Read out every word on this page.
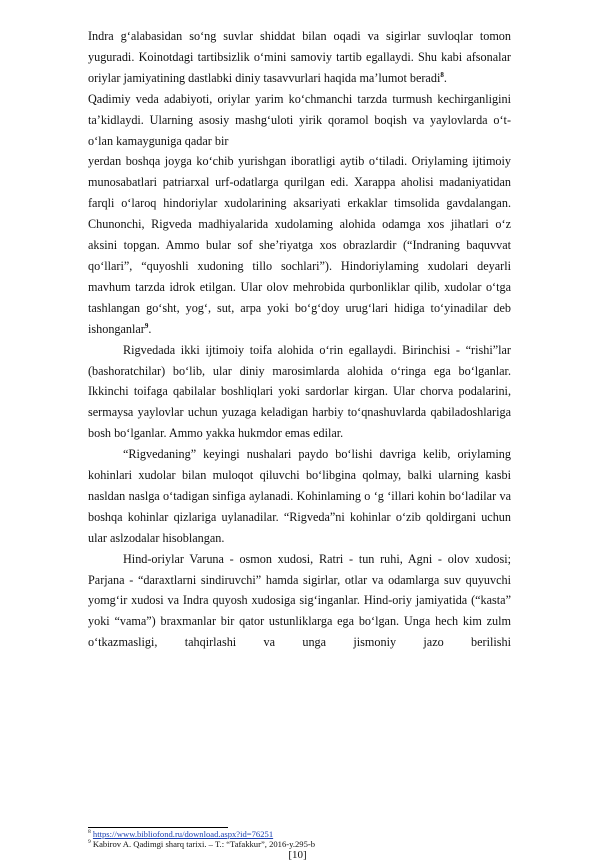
Indra g‘alabasidan so‘ng suvlar shiddat bilan oqadi va sigirlar suvloqlar tomon yuguradi. Koinotdagi tartibsizlik o‘mini samoviy tartib egallaydi. Shu kabi afsonalar oriylar jamiyatining dastlabki diniy tasavvurlari haqida ma’lumot beradi$^8$.

Qadimiy veda adabiyoti, oriylar yarim ko‘chmanchi tarzda turmush kechirganligini ta’kidlaydi. Ularning asosiy mashg‘uloti yirik qoramol boqish va yaylovlarda o‘t-o‘lan kamayguniga qadar bir

yerdan boshqa joyga ko‘chib yurishgan iboratligi aytib o‘tiladi. Oriylaming ijtimoiy munosabatlari patriarxal urf-odatlarga qurilgan edi. Xarappa aholisi madaniyatidan farqli o‘laroq hindoriylar xudolarining aksariyati erkaklar timsolida gavdalangan. Chunonchi, Rigveda madhiyalarida xudolaming alohida odamga xos jihatlari o‘z aksini topgan. Ammo bular sof she’riyatga xos obrazlardir (“Indraning baquvvat qo‘llari”, “quyoshli xudoning tillo sochlari”). Hindoriylaming xudolari deyarli mavhum tarzda idrok etilgan. Ular olov mehrobida qurbonliklar qilib, xudolar o‘tga tashlangan go‘sht, yog‘, sut, arpa yoki bo‘g‘doy urug‘lari hidiga to‘yinadilar deb ishonganlar$^9$.

Rigvedada ikki ijtimoiy toifa alohida o‘rin egallaydi. Birinchisi - “rishi”lar (bashoratchilar) bo‘lib, ular diniy marosimlarda alohida o‘ringa ega bo‘lganlar. Ikkinchi toifaga qabilalar boshliqlari yoki sardorlar kirgan. Ular chorva podalarini, sermaysa yaylovlar uchun yuzaga keladigan harbiy to‘qnashuvlarda qabiladoshlariga bosh bo‘lganlar. Ammo yakka hukmdor emas edilar.

“Rigvedaning” keyingi nushalari paydo bo‘lishi davriga kelib, oriylaming kohinlari xudolar bilan muloqot qiluvchi bo‘libgina qolmay, balki ularning kasbi nasldan naslga o‘tadigan sinfiga aylanadi. Kohinlaming o ‘g ‘illari kohin bo‘ladilar va boshqa kohinlar qizlariga uylanadilar. “Rigveda”ni kohinlar o‘zib qoldirgani uchun ular aslzodalar hisoblangan.

Hind-oriylar Varuna - osmon xudosi, Ratri - tun ruhi, Agni - olov xudosi; Parjana - “daraxtlarni sindiruvchi” hamda sigirlar, otlar va odamlarga suv quyuvchi yomg‘ir xudosi va Indra quyosh xudosiga sig‘inganlar. Hind-oriy jamiyatida (“kasta” yoki “vama”) braxmanlar bir qator ustunliklarga ega bo‘lgan. Unga hech kim zulm o‘tkazmasligi, tahqirlashi va unga jismoniy jazo berilishi

$^8$ https://www.bibliofond.ru/download.aspx?id=76251
$^9$ Kabirov A. Qadimgi sharq tarixi. – T.: “Tafakkur”, 2016-y.295-b
[10]
